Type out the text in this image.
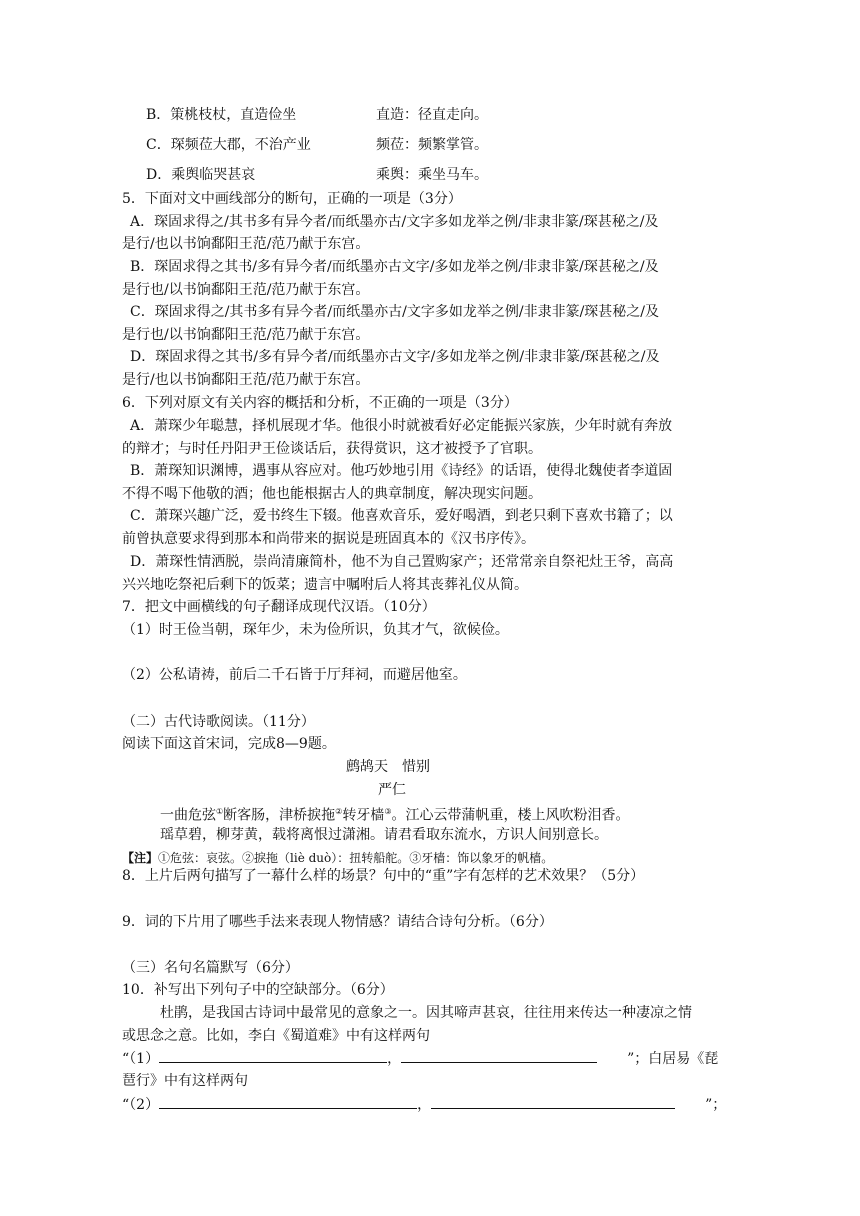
B．策桃枝杖，直造俭坐	直造：径直走向。
C．琛频莅大郡，不治产业	频莅：频繁掌管。
D．乘舆临哭甚哀	乘舆：乘坐马车。
5．下面对文中画线部分的断句，正确的一项是（3分）
A．琛固求得之/其书多有异今者/而纸墨亦古/文字多如龙举之例/非隶非篆/琛甚秘之/及
是行/也以书饷鄱阳王范/范乃献于东宫。
B．琛固求得之其书/多有异今者/而纸墨亦古文字/多如龙举之例/非隶非篆/琛甚秘之/及
是行也/以书饷鄱阳王范/范乃献于东宫。
C．琛固求得之/其书多有异今者/而纸墨亦古/文字多如龙举之例/非隶非篆/琛甚秘之/及
是行也/以书饷鄱阳王范/范乃献于东宫。
D．琛固求得之其书/多有异今者/而纸墨亦古文字/多如龙举之例/非隶非篆/琛甚秘之/及
是行/也以书饷鄱阳王范/范乃献于东宫。
6．下列对原文有关内容的概括和分析，不正确的一项是（3分）
A．萧琛少年聪慧，择机展现才华。他很小时就被看好必定能振兴家族，少年时就有奔放
的辩才；与时任丹阳尹王俭谈话后，获得赏识，这才被授予了官职。
B．萧琛知识渊博，遇事从容应对。他巧妙地引用《诗经》的话语，使得北魏使者李道固
不得不喝下他敬的酒；他也能根据古人的典章制度，解决现实问题。
C．萧琛兴趣广泛，爱书终生下辍。他喜欢音乐，爱好喝酒，到老只剩下喜欢书籍了；以
前曾执意要求得到那本和尚带来的据说是班固真本的《汉书序传》。
D．萧琛性情洒脱，崇尚清廉简朴，他不为自己置购家产；还常常亲自祭祀灶王爷，高高
兴兴地吃祭祀后剩下的饭菜；遗言中嘱咐后人将其丧葬礼仪从简。
7．把文中画横线的句子翻译成现代汉语。（10分）
（1）时王俭当朝，琛年少，未为俭所识，负其才气，欲候俭。
（2）公私请祷，前后二千石皆于厅拜祠，而避居他室。
（二）古代诗歌阅读。（11分）
阅读下面这首宋词，完成8—9题。
鹧鸪天　惜别
严仁
一曲危弦①断客肠，津桥捩拖②转牙樯③。江心云带蒲帆重，楼上风吹粉泪香。
瑶草碧，柳芽黄，载将离恨过潇湘。请君看取东流水，方识人间别意长。
【注】①危弦：哀弦。②捩拖（liè duò）：扭转船舵。③牙樯：饰以象牙的帆樯。
8．上片后两句描写了一幕什么样的场景？句中的“重”字有怎样的艺术效果？（5分）
9．词的下片用了哪些手法来表现人物情感？请结合诗句分析。（6分）
（三）名句名篇默写（6分）
10．补写出下列句子中的空缺部分。（6分）
杜鹃，是我国古诗词中最常见的意象之一。因其啼声甚哀，往往用来传达一种凄凉之情
或思念之意。比如，李白《蜀道难》中有这样两句
“（1）	，	”；白居易《琵
琶行》中有这样两句
“（2）	，	”；
